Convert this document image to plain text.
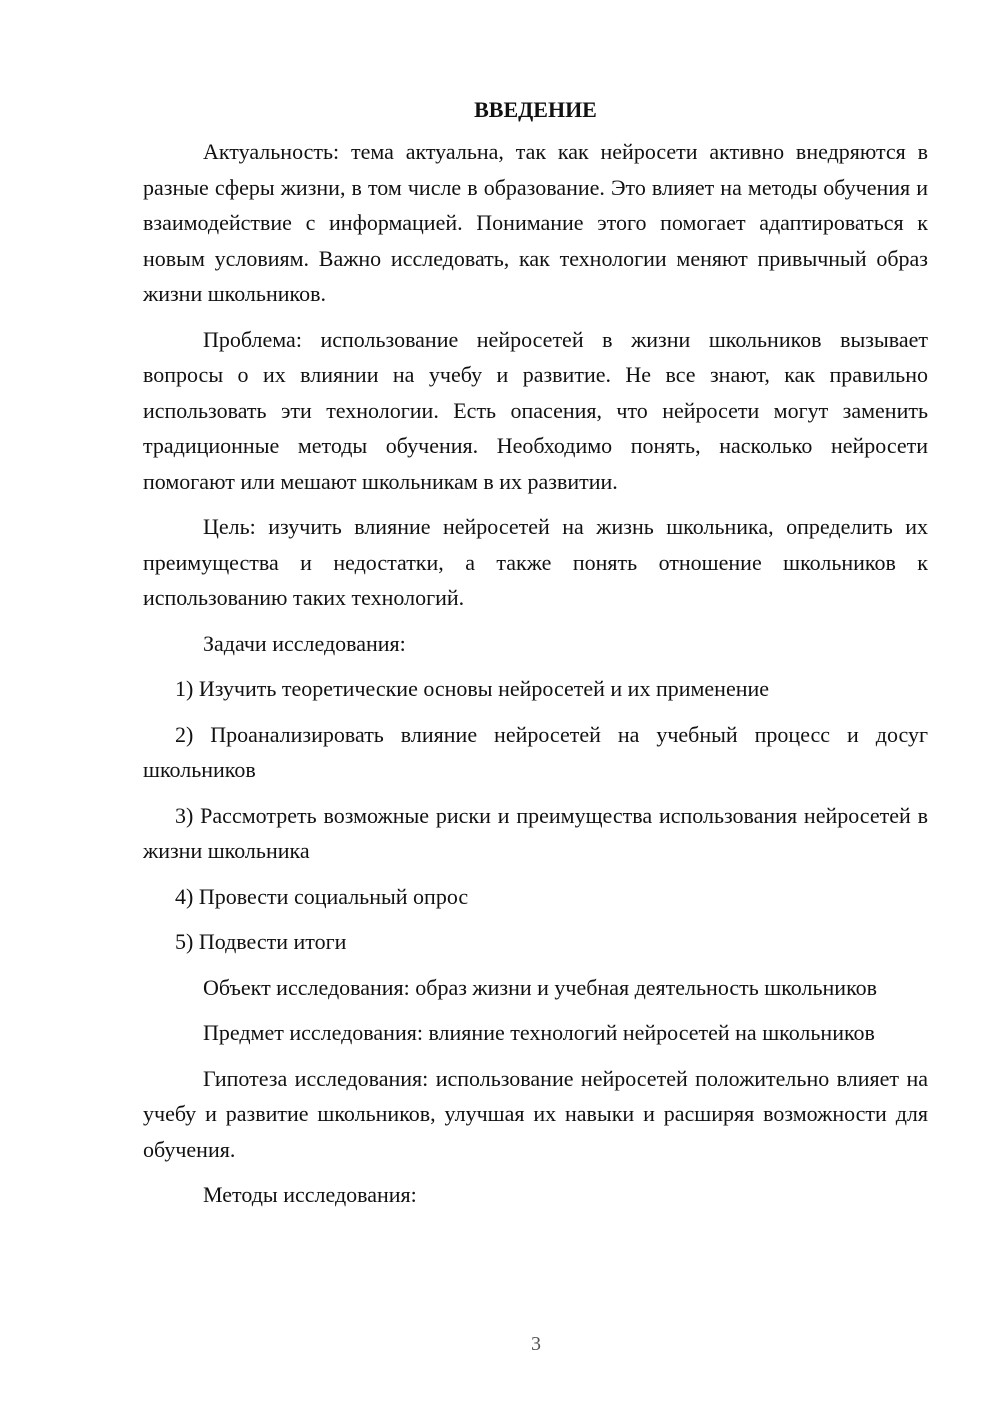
ВВЕДЕНИЕ

Актуальность: тема актуальна, так как нейросети активно внедряются в разные сферы жизни, в том числе в образование. Это влияет на методы обучения и взаимодействие с информацией. Понимание этого помогает адаптироваться к новым условиям. Важно исследовать, как технологии меняют привычный образ жизни школьников.

Проблема: использование нейросетей в жизни школьников вызывает вопросы о их влиянии на учебу и развитие. Не все знают, как правильно использовать эти технологии. Есть опасения, что нейросети могут заменить традиционные методы обучения. Необходимо понять, насколько нейросети помогают или мешают школьникам в их развитии.

Цель: изучить влияние нейросетей на жизнь школьника, определить их преимущества и недостатки, а также понять отношение школьников к использованию таких технологий.

Задачи исследования:

1) Изучить теоретические основы нейросетей и их применение

2) Проанализировать влияние нейросетей на учебный процесс и досуг школьников

3) Рассмотреть возможные риски и преимущества использования нейросетей в жизни школьника

4) Провести социальный опрос

5) Подвести итоги

Объект исследования: образ жизни и учебная деятельность школьников

Предмет исследования: влияние технологий нейросетей на школьников

Гипотеза исследования: использование нейросетей положительно влияет на учебу и развитие школьников, улучшая их навыки и расширяя возможности для обучения.

Методы исследования:

3
